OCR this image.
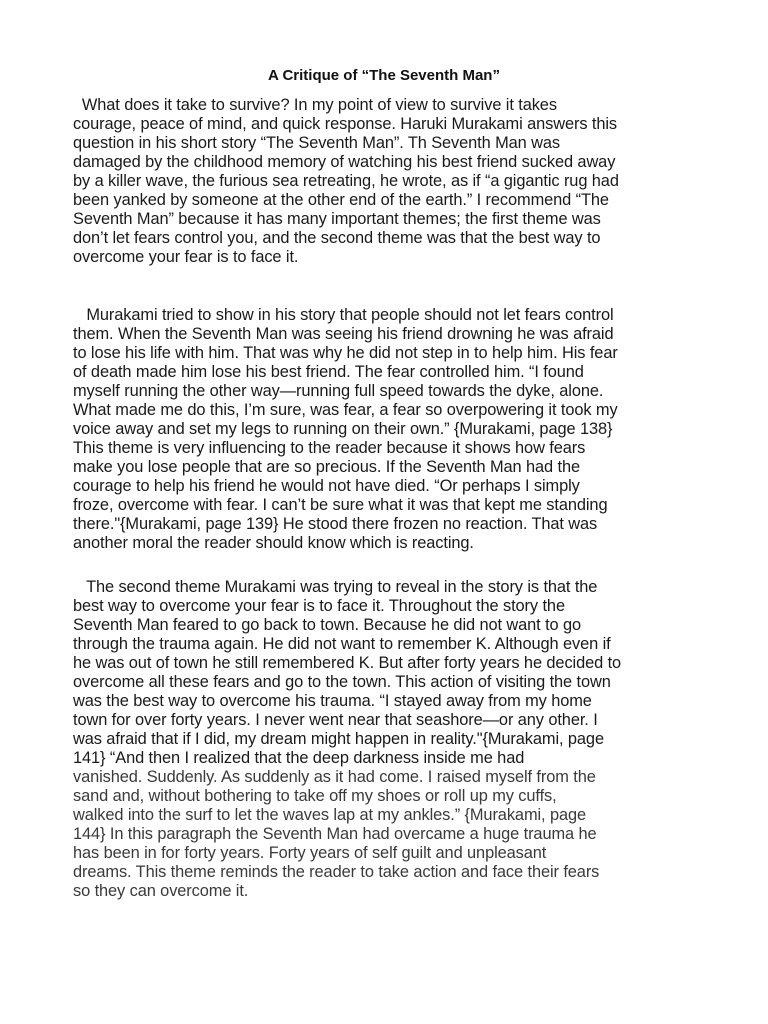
A Critique of “The Seventh Man”
What does it take to survive? In my point of view to survive it takes
courage, peace of mind, and quick response. Haruki Murakami answers this
question in his short story “The Seventh Man”. Th Seventh Man was
damaged by the childhood memory of watching his best friend sucked away
by a killer wave, the furious sea retreating, he wrote, as if “a gigantic rug had
been yanked by someone at the other end of the earth.” I recommend “The
Seventh Man” because it has many important themes; the first theme was
don’t let fears control you, and the second theme was that the best way to
overcome your fear is to face it.
Murakami tried to show in his story that people should not let fears control
them. When the Seventh Man was seeing his friend drowning he was afraid
to lose his life with him. That was why he did not step in to help him. His fear
of death made him lose his best friend. The fear controlled him. “I found
myself running the other way—running full speed towards the dyke, alone.
What made me do this, I’m sure, was fear, a fear so overpowering it took my
voice away and set my legs to running on their own.” {Murakami, page 138}
This theme is very influencing to the reader because it shows how fears
make you lose people that are so precious. If the Seventh Man had the
courage to help his friend he would not have died. “Or perhaps I simply
froze, overcome with fear. I can’t be sure what it was that kept me standing
there."{Murakami, page 139} He stood there frozen no reaction. That was
another moral the reader should know which is reacting.
The second theme Murakami was trying to reveal in the story is that the
best way to overcome your fear is to face it. Throughout the story the
Seventh Man feared to go back to town. Because he did not want to go
through the trauma again. He did not want to remember K. Although even if
he was out of town he still remembered K. But after forty years he decided to
overcome all these fears and go to the town. This action of visiting the town
was the best way to overcome his trauma. “I stayed away from my home
town for over forty years. I never went near that seashore—or any other. I
was afraid that if I did, my dream might happen in reality."{Murakami, page
141} “And then I realized that the deep darkness inside me had
vanished. Suddenly. As suddenly as it had come. I raised myself from the
sand and, without bothering to take off my shoes or roll up my cuffs,
walked into the surf to let the waves lap at my ankles.” {Murakami, page
144} In this paragraph the Seventh Man had overcame a huge trauma he
has been in for forty years. Forty years of self guilt and unpleasant
dreams. This theme reminds the reader to take action and face their fears
so they can overcome it.
